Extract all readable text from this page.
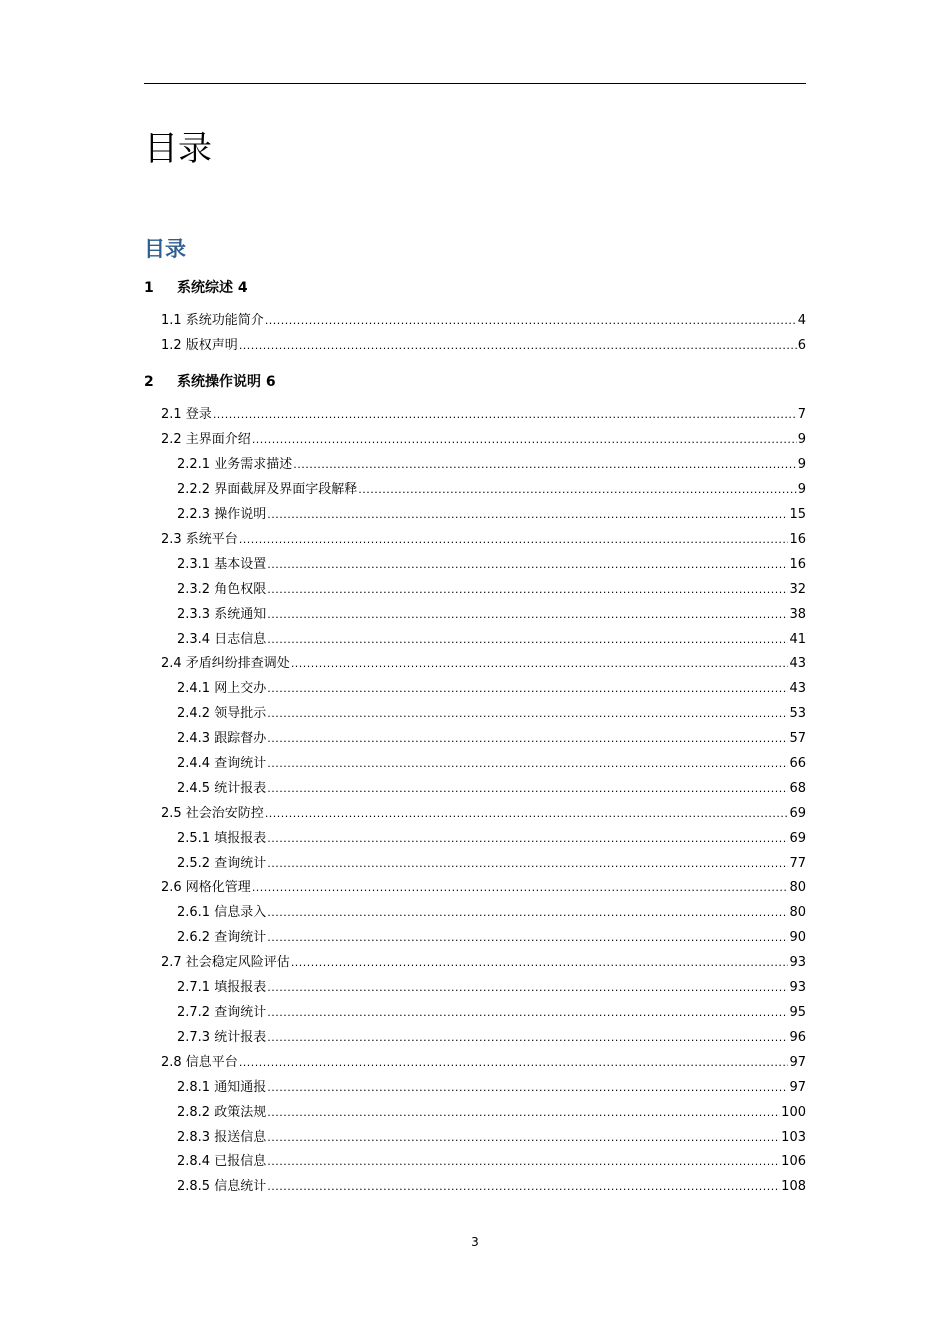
目录
目录
1	系统综述 4
1.1 系统功能简介 .....	4
1.2 版权声明 .....	6
2	系统操作说明 6
2.1 登录 .....	7
2.2 主界面介绍 .....	9
2.2.1 业务需求描述 .....	9
2.2.2 界面截屏及界面字段解释 .....	9
2.2.3 操作说明 .....	15
2.3 系统平台 .....	16
2.3.1 基本设置 .....	16
2.3.2 角色权限 .....	32
2.3.3 系统通知 .....	38
2.3.4 日志信息 .....	41
2.4 矛盾纠纷排查调处 .....	43
2.4.1 网上交办 .....	43
2.4.2 领导批示 .....	53
2.4.3 跟踪督办 .....	57
2.4.4 查询统计 .....	66
2.4.5 统计报表 .....	68
2.5 社会治安防控 .....	69
2.5.1 填报报表 .....	69
2.5.2 查询统计 .....	77
2.6 网格化管理 .....	80
2.6.1 信息录入 .....	80
2.6.2 查询统计 .....	90
2.7 社会稳定风险评估 .....	93
2.7.1 填报报表 .....	93
2.7.2 查询统计 .....	95
2.7.3 统计报表 .....	96
2.8 信息平台 .....	97
2.8.1 通知通报 .....	97
2.8.2 政策法规 .....	100
2.8.3 报送信息 .....	103
2.8.4 已报信息 .....	106
2.8.5 信息统计 .....	108
3
